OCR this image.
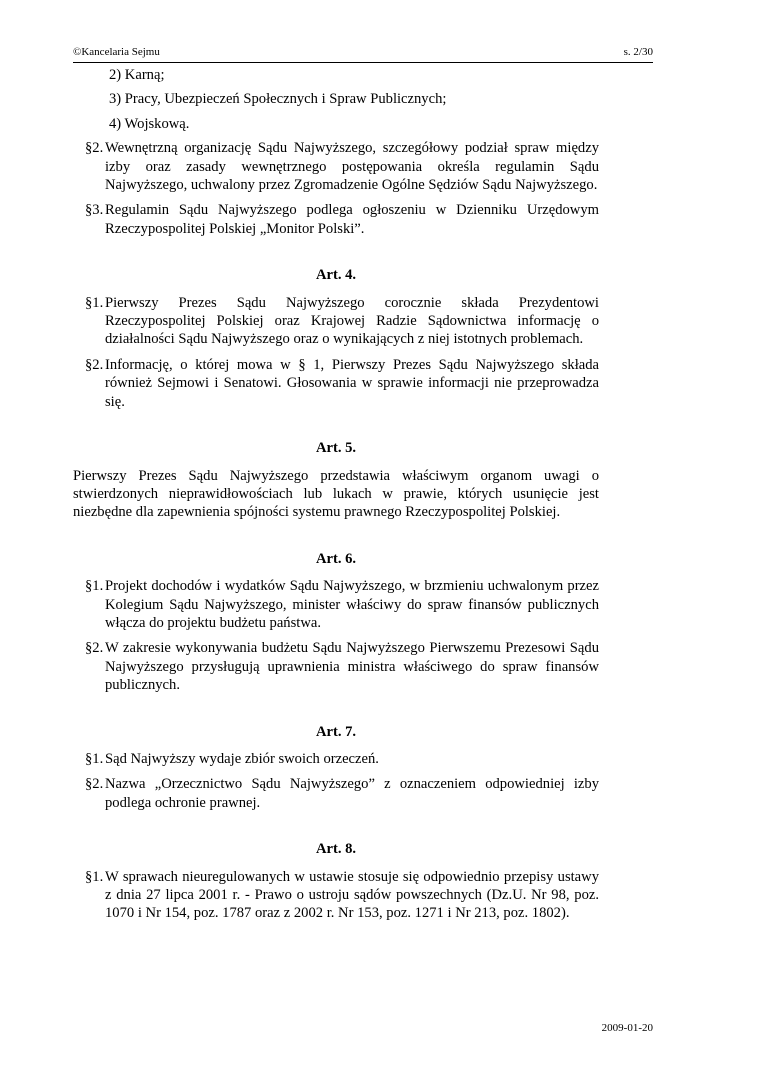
©Kancelaria Sejmu	s. 2/30
2) Karną;
3) Pracy, Ubezpieczeń Społecznych i Spraw Publicznych;
4) Wojskową.
§2. Wewnętrzną organizację Sądu Najwyższego, szczegółowy podział spraw między izby oraz zasady wewnętrznego postępowania określa regulamin Sądu Najwyższego, uchwalony przez Zgromadzenie Ogólne Sędziów Sądu Najwyższego.
§3. Regulamin Sądu Najwyższego podlega ogłoszeniu w Dzienniku Urzędowym Rzeczypospolitej Polskiej „Monitor Polski”.
Art. 4.
§1. Pierwszy Prezes Sądu Najwyższego corocznie składa Prezydentowi Rzeczypospolitej Polskiej oraz Krajowej Radzie Sądownictwa informację o działalności Sądu Najwyższego oraz o wynikających z niej istotnych problemach.
§2. Informację, o której mowa w § 1, Pierwszy Prezes Sądu Najwyższego składa również Sejmowi i Senatowi. Głosowania w sprawie informacji nie przeprowadza się.
Art. 5.
Pierwszy Prezes Sądu Najwyższego przedstawia właściwym organom uwagi o stwierdzonych nieprawidłowościach lub lukach w prawie, których usunięcie jest niezbędne dla zapewnienia spójności systemu prawnego Rzeczypospolitej Polskiej.
Art. 6.
§1. Projekt dochodów i wydatków Sądu Najwyższego, w brzmieniu uchwalonym przez Kolegium Sądu Najwyższego, minister właściwy do spraw finansów publicznych włącza do projektu budżetu państwa.
§2. W zakresie wykonywania budżetu Sądu Najwyższego Pierwszemu Prezesowi Sądu Najwyższego przysługują uprawnienia ministra właściwego do spraw finansów publicznych.
Art. 7.
§1. Sąd Najwyższy wydaje zbiór swoich orzeczeń.
§2. Nazwa „Orzecznictwo Sądu Najwyższego” z oznaczeniem odpowiedniej izby podlega ochronie prawnej.
Art. 8.
§1. W sprawach nieuregulowanych w ustawie stosuje się odpowiednio przepisy ustawy z dnia 27 lipca 2001 r. - Prawo o ustroju sądów powszechnych (Dz.U. Nr 98, poz. 1070 i Nr 154, poz. 1787 oraz z 2002 r. Nr 153, poz. 1271 i Nr 213, poz. 1802).
2009-01-20
